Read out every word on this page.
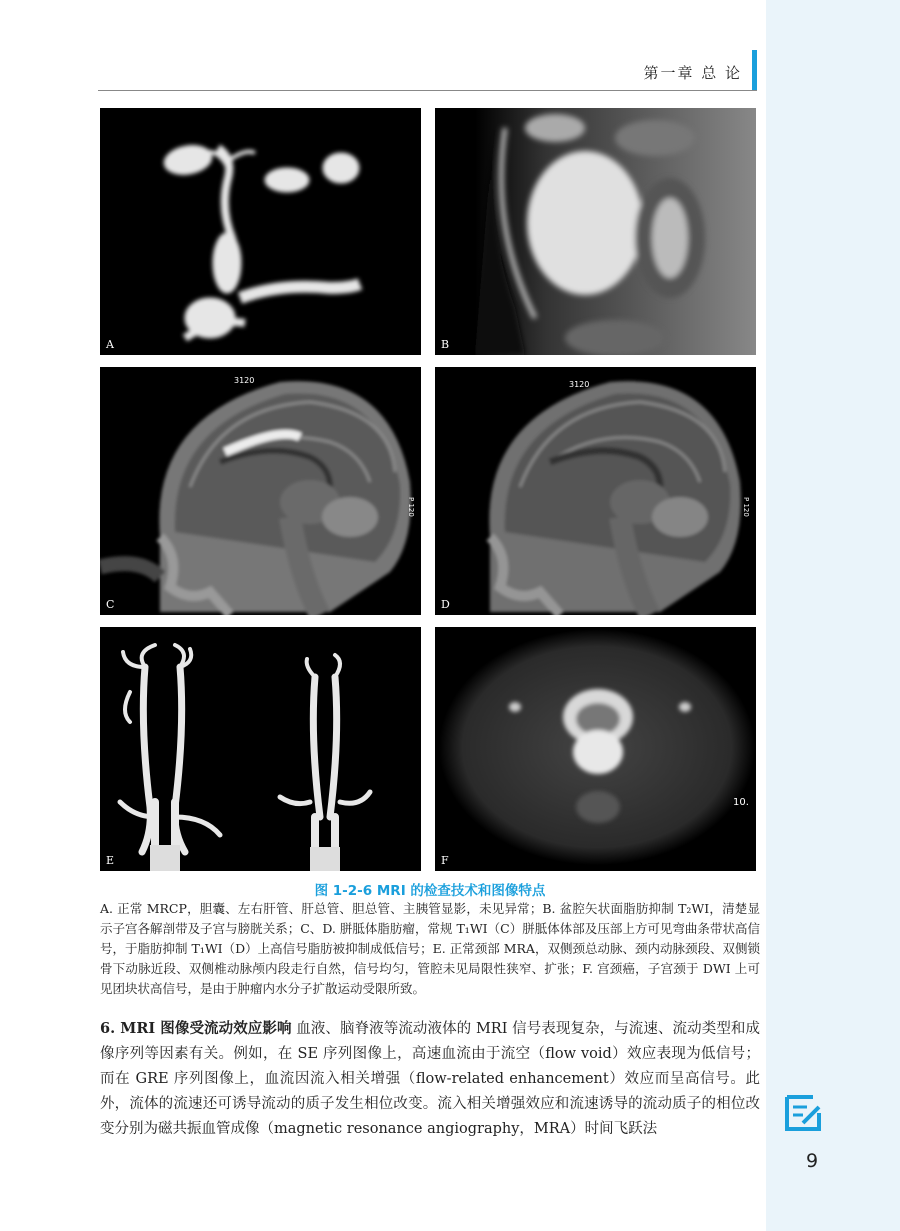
第一章 总 论
A	B
3120
P 120
C
3120
P 120
D
E
10.
F
图 1-2-6 MRI 的检查技术和图像特点
A. 正常 MRCP，胆囊、左右肝管、肝总管、胆总管、主胰管显影，未见异常；B. 盆腔矢状面脂肪抑制 T₂WI，清楚显示子宫各解剖带及子宫与膀胱关系；C、D. 胼胝体脂肪瘤，常规 T₁WI（C）胼胝体体部及压部上方可见弯曲条带状高信号，于脂肪抑制 T₁WI（D）上高信号脂肪被抑制成低信号；E. 正常颈部 MRA，双侧颈总动脉、颈内动脉颈段、双侧锁骨下动脉近段、双侧椎动脉颅内段走行自然，信号均匀，管腔未见局限性狭窄、扩张；F. 宫颈癌，子宫颈于 DWI 上可见团块状高信号，是由于肿瘤内水分子扩散运动受限所致。
6. MRI 图像受流动效应影响 血液、脑脊液等流动液体的 MRI 信号表现复杂，与流速、流动类型和成像序列等因素有关。例如，在 SE 序列图像上，高速血流由于流空（flow void）效应表现为低信号；而在 GRE 序列图像上，血流因流入相关增强（flow-related enhancement）效应而呈高信号。此外，流体的流速还可诱导流动的质子发生相位改变。流入相关增强效应和流速诱导的流动质子的相位改变分别为磁共振血管成像（magnetic resonance angiography，MRA）时间飞跃法
9
